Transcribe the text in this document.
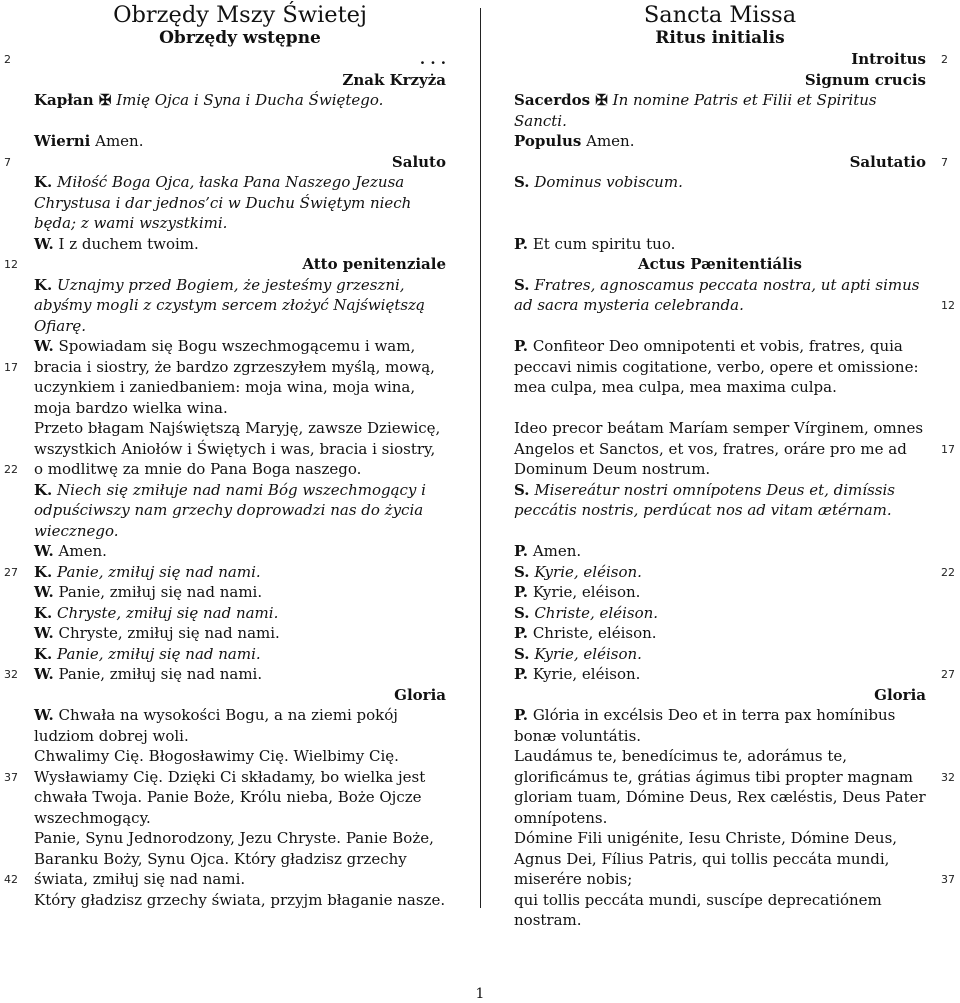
Obrzędy Mszy Świetej
Obrzędy wstępne
. . .
Znak Krzyża
Kapłan ✠ Imię Ojca i Syna i Ducha Świętego.
Wierni Amen.
Saluto
K. Miłość Boga Ojca, łaska Pana Naszego Jezusa
Chrystusa i dar jednos’ci w Duchu Świętym niech
będa; z wami wszystkimi.
W. I z duchem twoim.
Atto penitenziale
K. Uznajmy przed Bogiem, że jesteśmy grzeszni,
abyśmy mogli z czystym sercem złożyć Najświętszą
Ofiarę.
W. Spowiadam się Bogu wszechmogącemu i wam,
bracia i siostry, że bardzo zgrzeszyłem myślą, mową,
uczynkiem i zaniedbaniem: moja wina, moja wina,
moja bardzo wielka wina.
Przeto błagam Najświętszą Maryję, zawsze Dziewicę,
wszystkich Aniołów i Świętych i was, bracia i siostry,
o modlitwę za mnie do Pana Boga naszego.
K. Niech się zmiłuje nad nami Bóg wszechmogący i
odpuściwszy nam grzechy doprowadzi nas do życia
wiecznego.
W. Amen.
K. Panie, zmiłuj się nad nami.
W. Panie, zmiłuj się nad nami.
K. Chryste, zmiłuj się nad nami.
W. Chryste, zmiłuj się nad nami.
K. Panie, zmiłuj się nad nami.
W. Panie, zmiłuj się nad nami.
Gloria
W. Chwała na wysokości Bogu, a na ziemi pokój
ludziom dobrej woli.
Chwalimy Cię. Błogosławimy Cię. Wielbimy Cię.
Wysławiamy Cię. Dzięki Ci składamy, bo wielka jest
chwała Twoja. Panie Boże, Królu nieba, Boże Ojcze
wszechmogący.
Panie, Synu Jednorodzony, Jezu Chryste. Panie Boże,
Baranku Boży, Synu Ojca. Który gładzisz grzechy
świata, zmiłuj się nad nami.
Który gładzisz grzechy świata, przyjm błaganie nasze.
Sancta Missa
Ritus initialis
Introitus
Signum crucis
Sacerdos ✠ In nomine Patris et Filii et Spiritus
Sancti.
Populus Amen.
Salutatio
S. Dominus vobiscum.
P. Et cum spiritu tuo.
Actus Pænitentiális
S. Fratres, agnoscamus peccata nostra, ut apti simus
ad sacra mysteria celebranda.
P. Confiteor Deo omnipotenti et vobis, fratres, quia
peccavi nimis cogitatione, verbo, opere et omissione:
mea culpa, mea culpa, mea maxima culpa.
Ideo precor beátam Maríam semper Vírginem, omnes
Angelos et Sanctos, et vos, fratres, oráre pro me ad
Dominum Deum nostrum.
S. Misereátur nostri omnípotens Deus et, dimíssis
peccátis nostris, perdúcat nos ad vitam ætérnam.
P. Amen.
S. Kyrie, eléison.
P. Kyrie, eléison.
S. Christe, eléison.
P. Christe, eléison.
S. Kyrie, eléison.
P. Kyrie, eléison.
Gloria
P. Glória in excélsis Deo et in terra pax homínibus
bonæ voluntátis.
Laudámus te, benedícimus te, adorámus te,
glorificámus te, grátias ágimus tibi propter magnam
gloriam tuam, Dómine Deus, Rex cæléstis, Deus Pater
omnípotens.
Dómine Fili unigénite, Iesu Christe, Dómine Deus,
Agnus Dei, Fílius Patris, qui tollis peccáta mundi,
miserére nobis;
qui tollis peccáta mundi, suscípe deprecatiónem
nostram.
2
7
12
17
22
27
32
37
42
2
7
12
17
22
27
32
37
1
